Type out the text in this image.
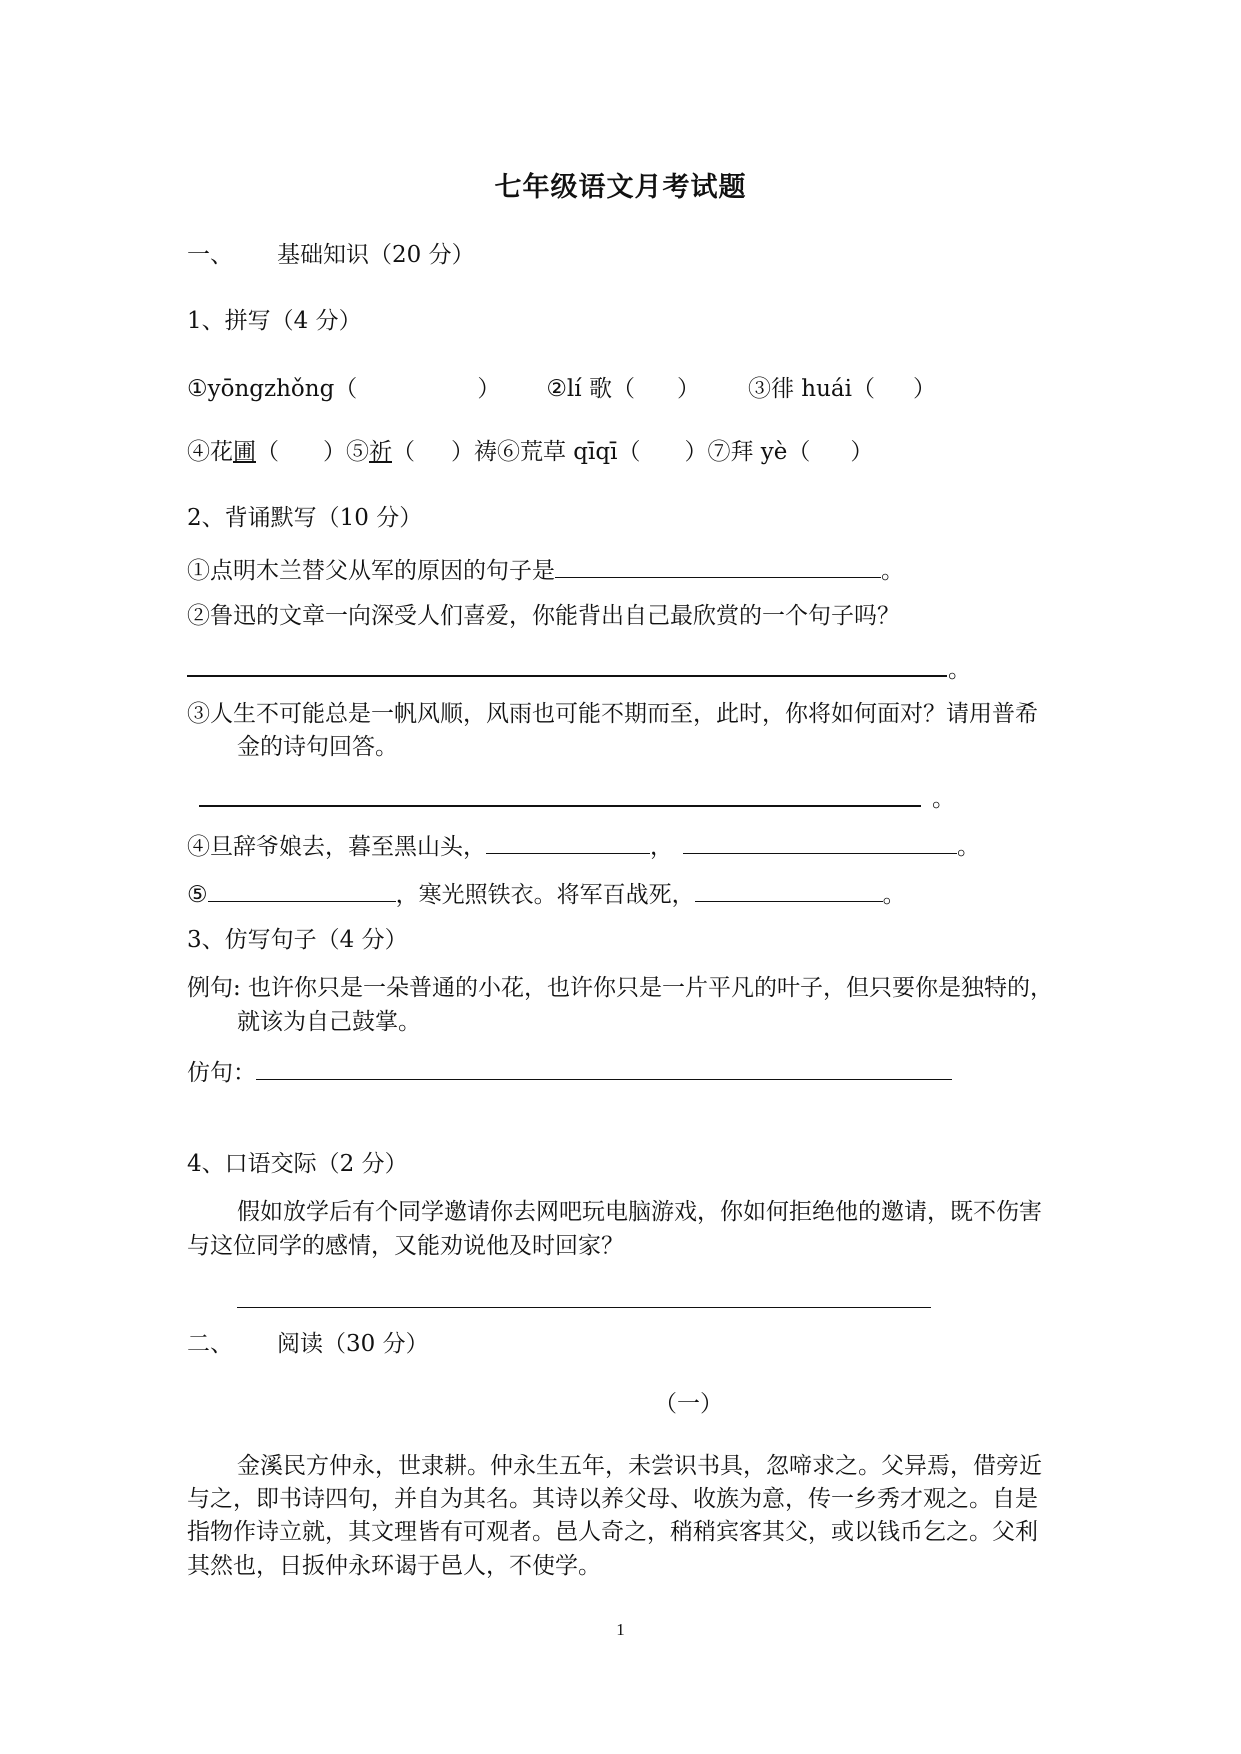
七年级语文月考试题
一、 基础知识（20 分）
1、拼写（4 分）
①yōngzhǒng（	） ②lí 歌（ ） ③徘 huái（ ）
④花圃（ ）⑤祈（ ）祷⑥荒草 qīqī（ ）⑦拜 yè（ ）
2、背诵默写（10 分）
①点明木兰替父从军的原因的句子是	。
②鲁迅的文章一向深受人们喜爱，你能背出自己最欣赏的一个句子吗？
。
③人生不可能总是一帆风顺，风雨也可能不期而至，此时，你将如何面对？请用普希
金的诗句回答。
。
④旦辞爷娘去，暮至黑山头，	，	。
⑤	，寒光照铁衣。将军百战死，	。
3、仿写句子（4 分）
例句: 也许你只是一朵普通的小花，也许你只是一片平凡的叶子，但只要你是独特的，
就该为自己鼓掌。
仿句：
4、口语交际（2 分）
假如放学后有个同学邀请你去网吧玩电脑游戏，你如何拒绝他的邀请，既不伤害
与这位同学的感情，又能劝说他及时回家？
二、 阅读（30 分）
（一）
金溪民方仲永，世隶耕。仲永生五年，未尝识书具，忽啼求之。父异焉，借旁近
与之，即书诗四句，并自为其名。其诗以养父母、收族为意，传一乡秀才观之。自是
指物作诗立就，其文理皆有可观者。邑人奇之，稍稍宾客其父，或以钱币乞之。父利
其然也，日扳仲永环谒于邑人，不使学。
1
